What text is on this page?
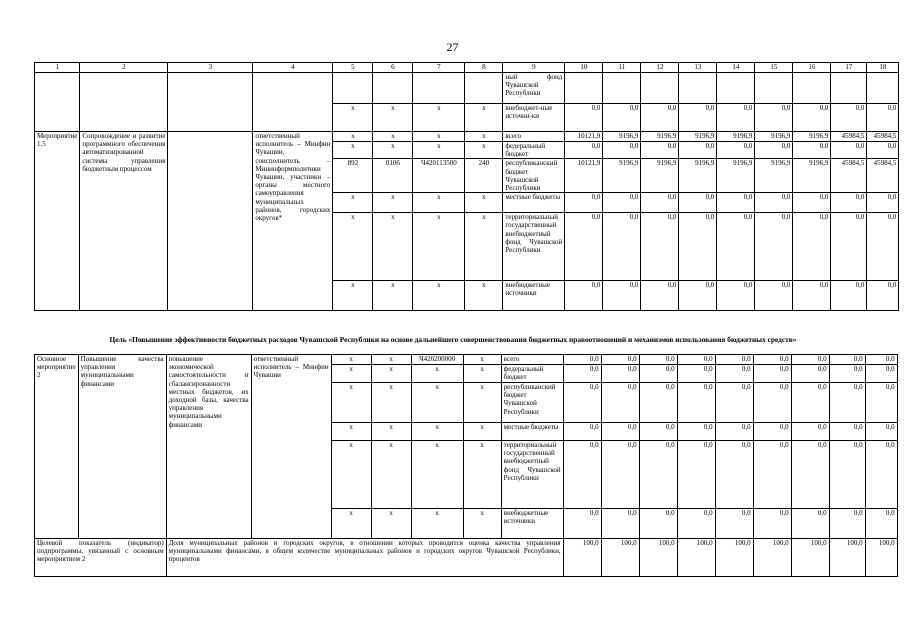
27
1	2	3	4	5	6	7	8	9	10	11	12	13	14	15	16	17	18
								ный фонд Чувашской Республики									
				x	x	x	x	внебюджет-ные источни-ки	0,0	0,0	0,0	0,0	0,0	0,0	0,0	0,0	0,0
Мероприятие 1.5	Сопровождение и развитие программного обеспечения автоматизированной системы управления бюджетным процессом		ответственный исполнитель – Минфин Чувашии, соисполнитель – Мининформполитики Чувашии, участники – органы местного самоуправления муниципальных районов, городских округов*	x	x	x	x	всего	10121,9	9196,9	9196,9	9196,9	9196,9	9196,9	9196,9	45984,5	45984,5
				x	x	x	x	федеральный бюджет	0,0	0,0	0,0	0,0	0,0	0,0	0,0	0,0	0,0
				892	0106	Ч420113500	240	республиканский бюджет Чувашской Республики	10121,9	9196,9	9196,9	9196,9	9196,9	9196,9	9196,9	45984,5	45984,5
				x	x	x	x	местные бюджеты	0,0	0,0	0,0	0,0	0,0	0,0	0,0	0,0	0,0
				x	x	x	x	территориальный государственный внебюджетный фонд Чувашской Республики	0,0	0,0	0,0	0,0	0,0	0,0	0,0	0,0	0,0
				x	x	x	x	внебюджетные источники	0,0	0,0	0,0	0,0	0,0	0,0	0,0	0,0	0,0
Цель «Повышение эффективности бюджетных расходов Чувашской Республики на основе дальнейшего совершенствования бюджетных правоотношений и механизмов использования бюджетных средств»
Основное мероприятие 2	Повышение качества управления муниципальными финансами	повышение экономической самостоятельности и сбалансированности местных бюджетов, их доходной базы, качества управления муниципальными финансами	ответственный исполнитель – Минфин Чувашии	x	x	Ч420200000	x	всего	0,0	0,0	0,0	0,0	0,0	0,0	0,0	0,0	0,0
				x	x	x	x	федеральный бюджет	0,0	0,0	0,0	0,0	0,0	0,0	0,0	0,0	0,0
				x	x	x	x	республиканский бюджет Чувашской Республики	0,0	0,0	0,0	0,0	0,0	0,0	0,0	0,0	0,0
				x	x	x	x	местные бюджеты	0,0	0,0	0,0	0,0	0,0	0,0	0,0	0,0	0,0
				x	x	x	x	территориальный государственный внебюджетный фонд Чувашской Республики	0,0	0,0	0,0	0,0	0,0	0,0	0,0	0,0	0,0
				x	x	x	x	внебюджетные источники	0,0	0,0	0,0	0,0	0,0	0,0	0,0	0,0	0,0
Целевой показатель (индикатор) подпрограммы, увязанный с основным мероприятием 2		Доля муниципальных районов и городских округов, в отношении которых проводится оценка качества управления муниципальными финансами, в общем количестве муниципальных районов и городских округов Чувашской Республики, процентов							100,0	100,0	100,0	100,0	100,0	100,0	100,0	100,0	100,0
